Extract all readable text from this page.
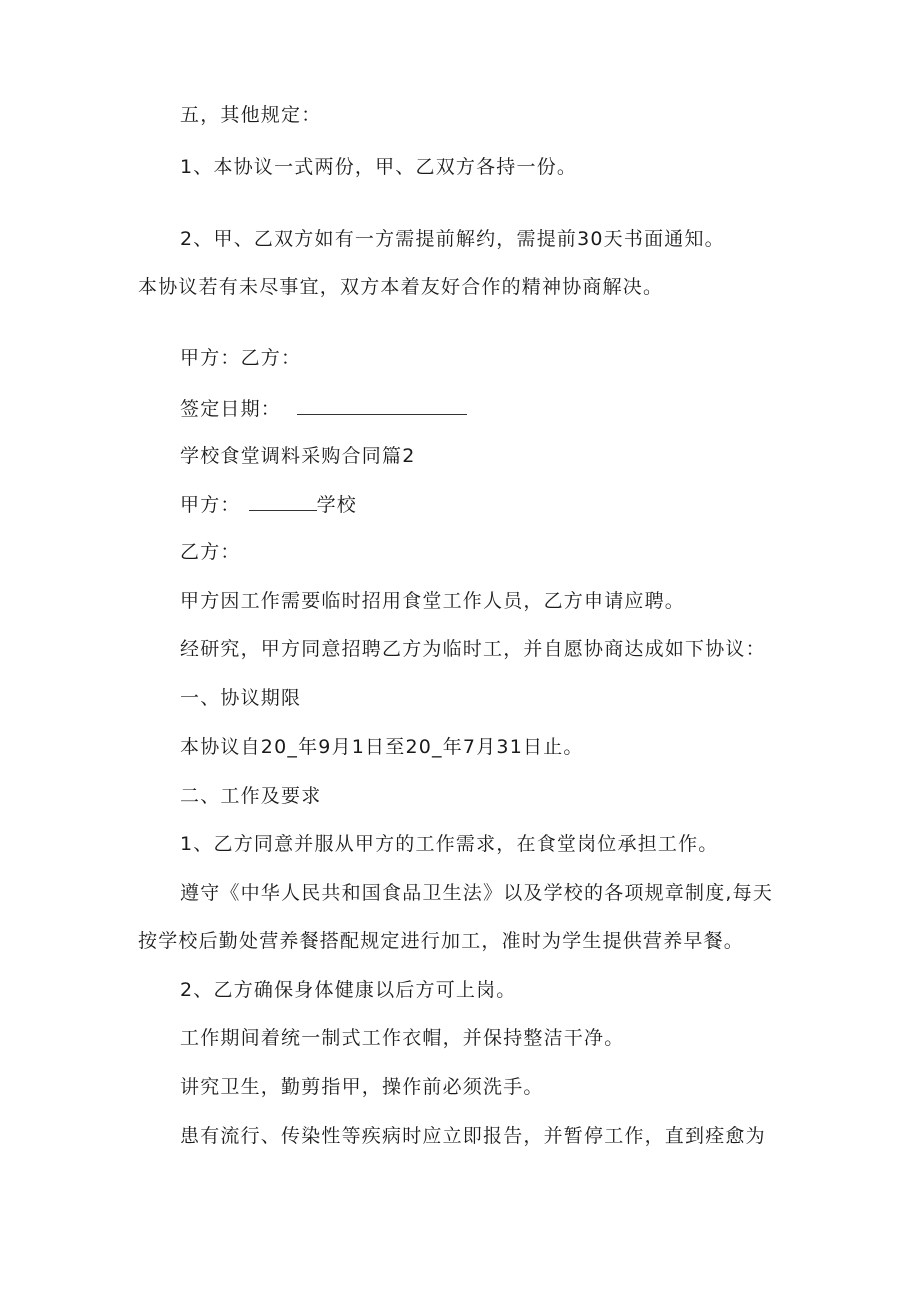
五，其他规定：
1、本协议一式两份，甲、乙双方各持一份。
2、甲、乙双方如有一方需提前解约，需提前30天书面通知。
本协议若有未尽事宜，双方本着友好合作的精神协商解决。
甲方：乙方：
签定日期：
学校食堂调料采购合同篇2
甲方：	学校
乙方：
甲方因工作需要临时招用食堂工作人员，乙方申请应聘。
经研究，甲方同意招聘乙方为临时工，并自愿协商达成如下协议：
一、协议期限
本协议自20_年9月1日至20_年7月31日止。
二、工作及要求
1、乙方同意并服从甲方的工作需求，在食堂岗位承担工作。
遵守《中华人民共和国食品卫生法》以及学校的各项规章制度,每天
按学校后勤处营养餐搭配规定进行加工，准时为学生提供营养早餐。
2、乙方确保身体健康以后方可上岗。
工作期间着统一制式工作衣帽，并保持整洁干净。
讲究卫生，勤剪指甲，操作前必须洗手。
患有流行、传染性等疾病时应立即报告，并暂停工作，直到痊愈为
